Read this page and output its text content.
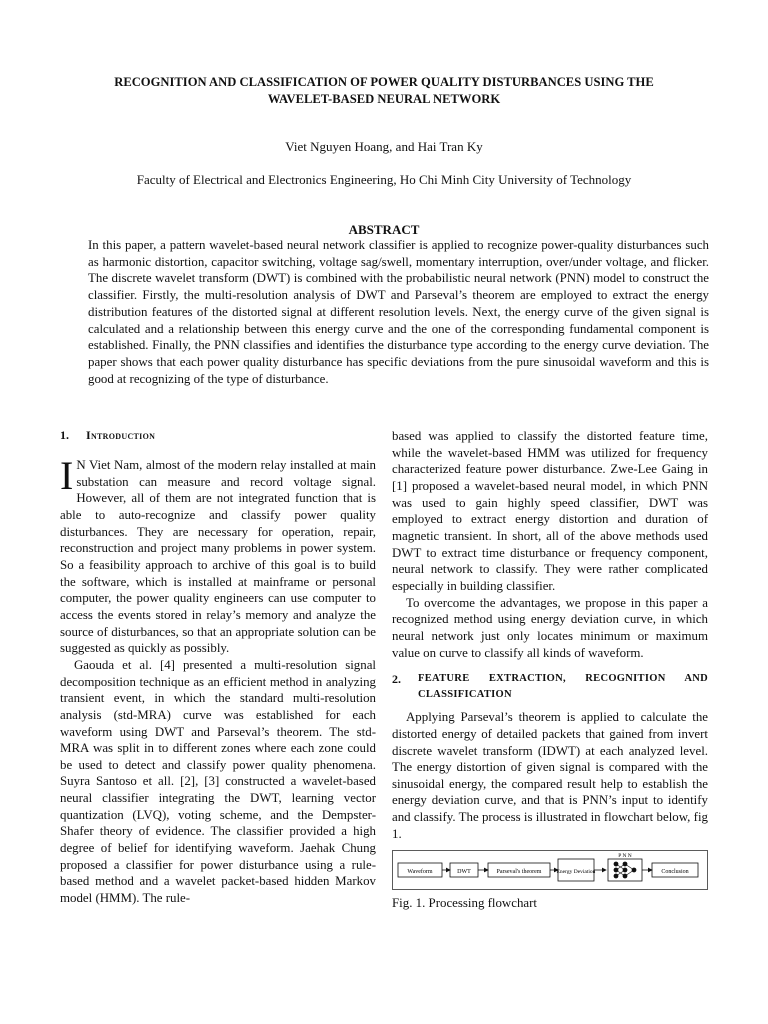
RECOGNITION AND CLASSIFICATION OF POWER QUALITY DISTURBANCES USING THE
WAVELET-BASED NEURAL NETWORK
Viet Nguyen Hoang, and Hai Tran Ky
Faculty of Electrical and Electronics Engineering, Ho Chi Minh City University of Technology
ABSTRACT

In this paper, a pattern wavelet-based neural network classifier is applied to recognize power-quality disturbances such as harmonic distortion, capacitor switching, voltage sag/swell, momentary interruption, over/under voltage, and flicker. The discrete wavelet transform (DWT) is combined with the probabilistic neural network (PNN) model to construct the classifier. Firstly, the multi-resolution analysis of DWT and Parseval’s theorem are employed to extract the energy distribution features of the distorted signal at different resolution levels. Next, the energy curve of the given signal is calculated and a relationship between this energy curve and the one of the corresponding fundamental component is established. Finally, the PNN classifies and identifies the disturbance type according to the energy curve deviation. The paper shows that each power quality disturbance has specific deviations from the pure sinusoidal waveform and this is good at recognizing of the type of disturbance.

1.	Introduction

I N Viet Nam, almost of the modern relay installed at main substation can measure and record voltage signal. However, all of them are not integrated function that is able to auto-recognize and classify power quality disturbances. They are necessary for operation, repair, reconstruction and project many problems in power system. So a feasibility approach to archive of this goal is to build the software, which is installed at mainframe or personal computer, the power quality engineers can use computer to access the events stored in relay’s memory and analyze the source of disturbances, so that an appropriate solution can be suggested as quickly as possibly.

Gaouda et al. [4] presented a multi-resolution signal decomposition technique as an efficient method in analyzing transient event, in which the standard multi-resolution analysis (std-MRA) curve was established for each waveform using DWT and Parseval’s theorem. The std-MRA was split in to different zones where each zone could be used to detect and classify power quality phenomena. Suyra Santoso et all. [2], [3] constructed a wavelet-based neural classifier integrating the DWT, learning vector quantization (LVQ), voting scheme, and the Dempster-Shafer theory of evidence. The classifier provided a high degree of belief for identifying waveform. Jaehak Chung proposed a classifier for power disturbance using a rule-based method and a wavelet packet-based hidden Markov model (HMM). The rule-

based was applied to classify the distorted feature time, while the wavelet-based HMM was utilized for frequency characterized feature power disturbance. Zwe-Lee Gaing in [1] proposed a wavelet-based neural model, in which PNN was used to gain highly speed classifier, DWT was employed to extract energy distortion and duration of magnetic transient. In short, all of the above methods used DWT to extract time disturbance or frequency component, neural network to classify. They were rather complicated especially in building classifier.

To overcome the advantages, we propose in this paper a recognized method using energy deviation curve, in which neural network just only locates minimum or maximum value on curve to classify all kinds of waveform.

2.	FEATURE EXTRACTION, RECOGNITION AND CLASSIFICATION

Applying Parseval’s theorem is applied to calculate the distorted energy of detailed packets that gained from invert discrete wavelet transform (IDWT) at each analyzed level. The energy distortion of given signal is compared with the sinusoidal energy, the compared result help to establish the energy deviation curve, and that is PNN’s input to identify and classify. The process is illustrated in flowchart below, fig 1.

Waveform	DWT	Parseval's theorem	Energy Deviation
P N N
Conclusion
Fig. 1. Processing flowchart
